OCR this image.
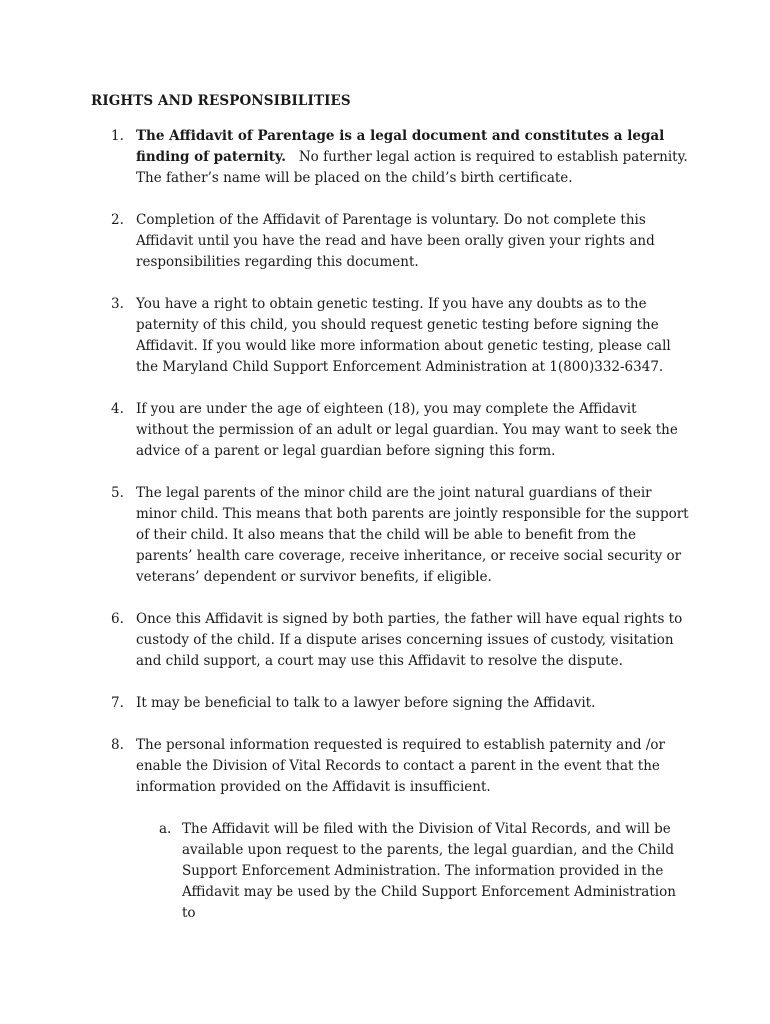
RIGHTS AND RESPONSIBILITIES
1. The Affidavit of Parentage is a legal document and constitutes a legal finding of paternity. No further legal action is required to establish paternity. The father’s name will be placed on the child’s birth certificate.
2. Completion of the Affidavit of Parentage is voluntary. Do not complete this Affidavit until you have the read and have been orally given your rights and responsibilities regarding this document.
3. You have a right to obtain genetic testing. If you have any doubts as to the paternity of this child, you should request genetic testing before signing the Affidavit. If you would like more information about genetic testing, please call the Maryland Child Support Enforcement Administration at 1(800)332-6347.
4. If you are under the age of eighteen (18), you may complete the Affidavit without the permission of an adult or legal guardian. You may want to seek the advice of a parent or legal guardian before signing this form.
5. The legal parents of the minor child are the joint natural guardians of their minor child. This means that both parents are jointly responsible for the support of their child. It also means that the child will be able to benefit from the parents’ health care coverage, receive inheritance, or receive social security or veterans’ dependent or survivor benefits, if eligible.
6. Once this Affidavit is signed by both parties, the father will have equal rights to custody of the child. If a dispute arises concerning issues of custody, visitation and child support, a court may use this Affidavit to resolve the dispute.
7. It may be beneficial to talk to a lawyer before signing the Affidavit.
8. The personal information requested is required to establish paternity and /or enable the Division of Vital Records to contact a parent in the event that the information provided on the Affidavit is insufficient.
a. The Affidavit will be filed with the Division of Vital Records, and will be available upon request to the parents, the legal guardian, and the Child Support Enforcement Administration. The information provided in the Affidavit may be used by the Child Support Enforcement Administration to
